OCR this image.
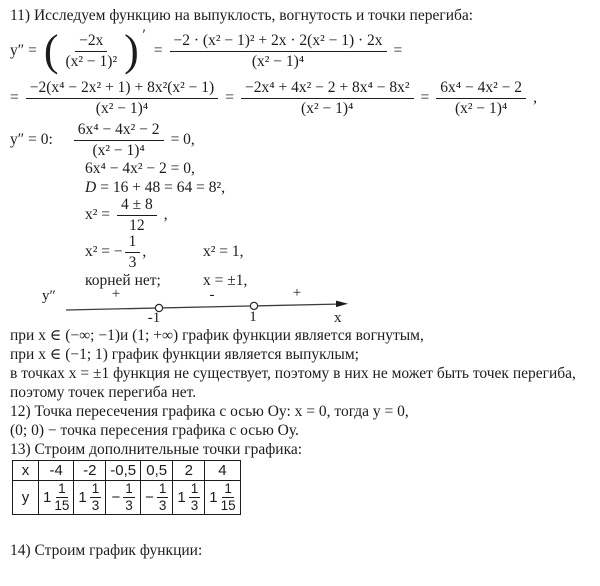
11) Исследуем функцию на выпуклость, вогнутость и точки перегиба:

y″ = ( $\frac{-2x}{\text{(x² − 1)²}}$ ) ′
= $\frac{\text{−2 · (x² − 1)² + 2x · 2(x² − 1) · 2x}}{\text{(x² − 1)⁴}}$ =
= $\frac{\text{−2(x⁴ − 2x² + 1) + 8x²(x² − 1)}}{\text{(x² − 1)⁴}} = \frac{\text{−2x⁴ + 4x² − 2 + 8x⁴ − 8x²}}{\text{(x² − 1)⁴}} = \frac{\text{6x⁴ − 4x² − 2}}{\text{(x² − 1)⁴}}$ ,
y″ = 0: $\frac{\text{6x⁴ − 4x² − 2}}{\text{(x² − 1)⁴}} = 0$,

6x⁴ − 4x² − 2 = 0,

D = 16 + 48 = 64 = 8²,

$x^2 = \frac{4 \pm 8}{12}$ ,
x² = − $\frac{1}{3}$ ,	x² = 1,
корней нет;	x = ±1,
y″	+	-	+
-1	1	x

при x ∈ (−∞; −1)и (1; +∞) график функции является вогнутым,

при x ∈ (−1; 1) график функции является выпуклым;

в точках x = ±1 функция не существует, поэтому в них не может быть точек перегиба,

поэтому точек перегиба нет.

12) Точка пересечения графика с осью Оу: x = 0, тогда y = 0,

(0; 0) − точка пересения графика с осью Оу.

13) Строим дополнительные точки графика:

x	-4	-2	-0,5	0,5	2	4
y	$1 \frac{1}{15}$	$1 \frac{1}{3}$	− $\frac{1}{3}$	− $\frac{1}{3}$	$1 \frac{1}{3}$	$1 \frac{1}{15}$

14) Строим график функции:
